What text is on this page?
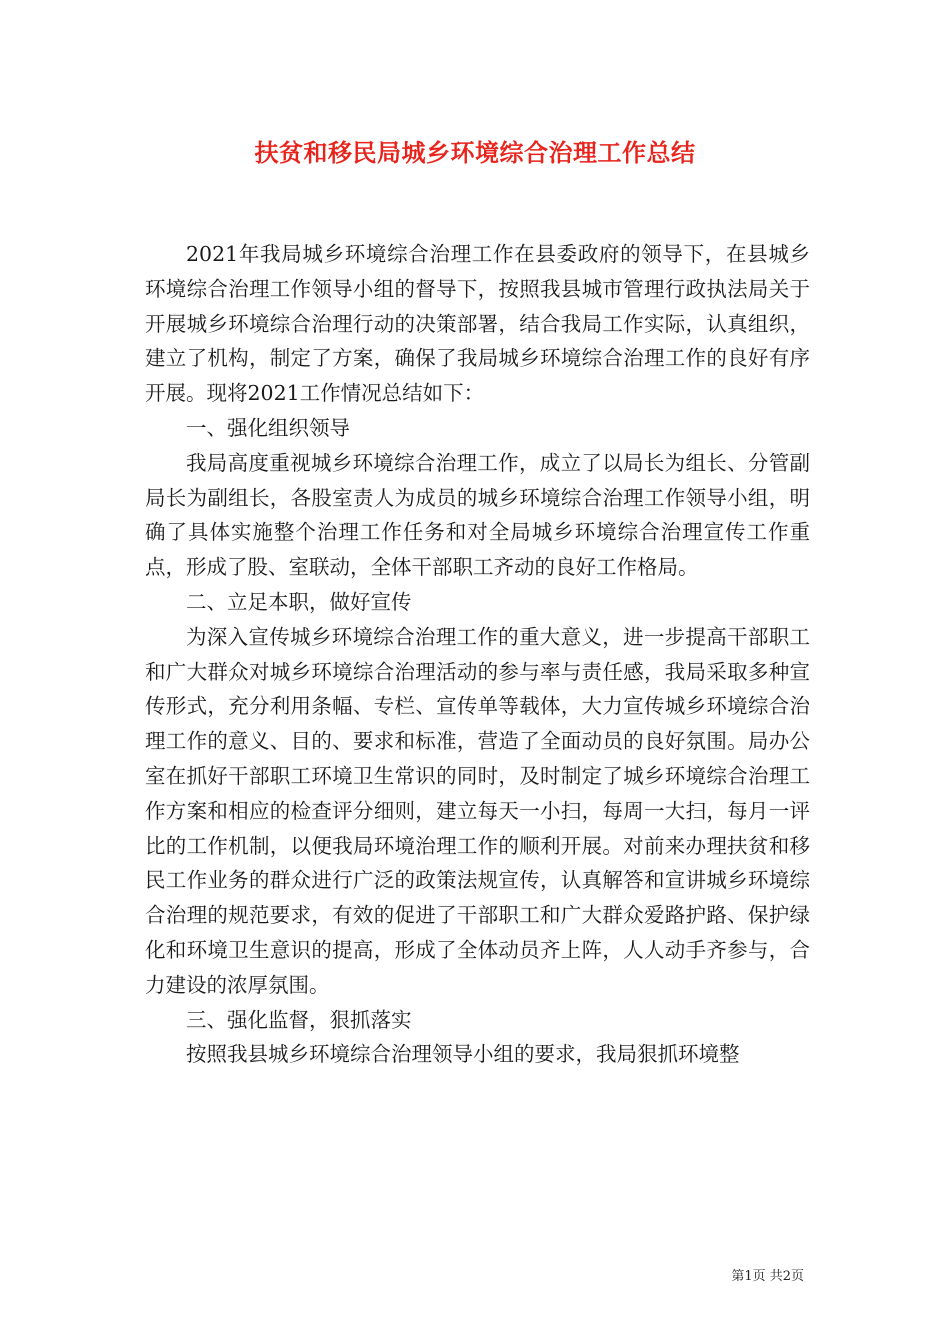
扶贫和移民局城乡环境综合治理工作总结

2021年我局城乡环境综合治理工作在县委政府的领导下，在县城乡环境综合治理工作领导小组的督导下，按照我县城市管理行政执法局关于开展城乡环境综合治理行动的决策部署，结合我局工作实际，认真组织，建立了机构，制定了方案，确保了我局城乡环境综合治理工作的良好有序开展。现将2021工作情况总结如下：

一、强化组织领导

我局高度重视城乡环境综合治理工作，成立了以局长为组长、分管副局长为副组长，各股室责人为成员的城乡环境综合治理工作领导小组，明确了具体实施整个治理工作任务和对全局城乡环境综合治理宣传工作重点，形成了股、室联动，全体干部职工齐动的良好工作格局。

二、立足本职，做好宣传

为深入宣传城乡环境综合治理工作的重大意义，进一步提高干部职工和广大群众对城乡环境综合治理活动的参与率与责任感，我局采取多种宣传形式，充分利用条幅、专栏、宣传单等载体，大力宣传城乡环境综合治理工作的意义、目的、要求和标准，营造了全面动员的良好氛围。局办公室在抓好干部职工环境卫生常识的同时，及时制定了城乡环境综合治理工作方案和相应的检查评分细则，建立每天一小扫，每周一大扫，每月一评比的工作机制，以便我局环境治理工作的顺利开展。对前来办理扶贫和移民工作业务的群众进行广泛的政策法规宣传，认真解答和宣讲城乡环境综合治理的规范要求，有效的促进了干部职工和广大群众爱路护路、保护绿化和环境卫生意识的提高，形成了全体动员齐上阵，人人动手齐参与，合力建设的浓厚氛围。

三、强化监督，狠抓落实

按照我县城乡环境综合治理领导小组的要求，我局狠抓环境整

第1页 共2页
